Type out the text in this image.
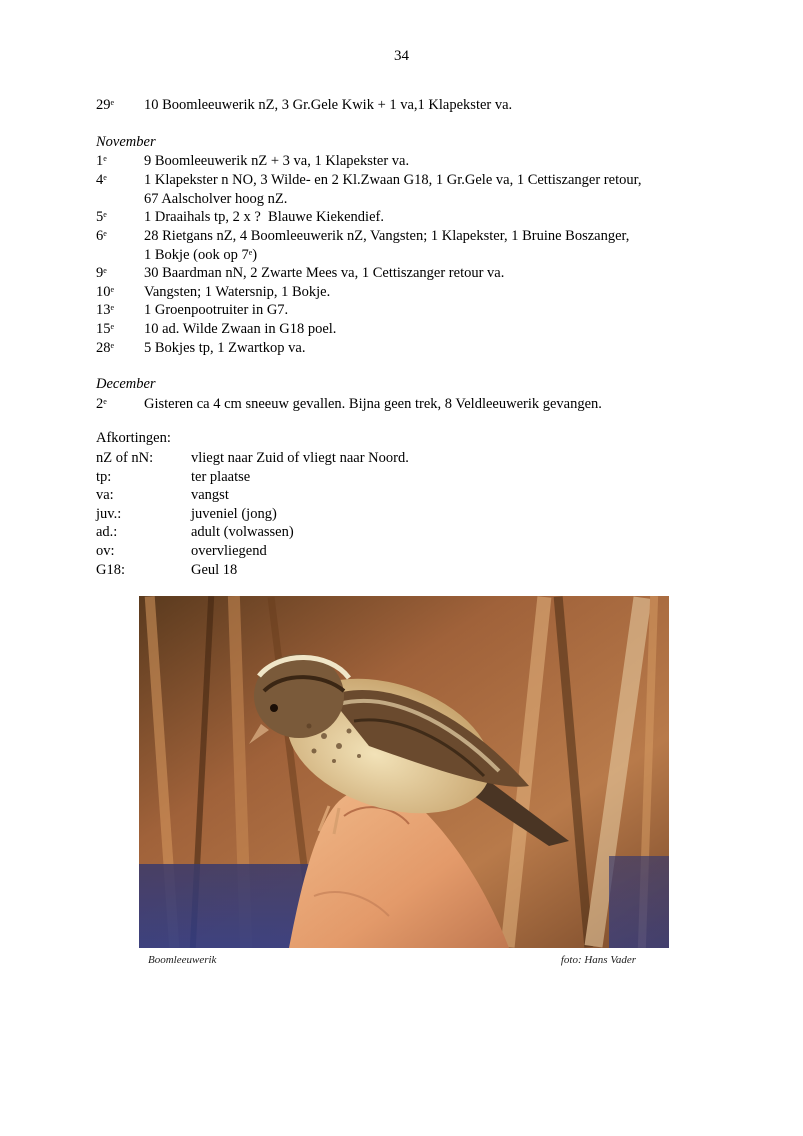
34
29e	10 Boomleeuwerik nZ, 3 Gr.Gele Kwik + 1 va,1 Klapekster va.
November
1e	9 Boomleeuwerik nZ + 3 va, 1 Klapekster va.
4e	1 Klapekster n NO, 3 Wilde- en 2 Kl.Zwaan G18, 1 Gr.Gele va, 1 Cettiszanger retour,
67 Aalscholver hoog nZ.
5e	1 Draaihals tp, 2 x ?  Blauwe Kiekendief.
6e	28 Rietgans nZ, 4 Boomleeuwerik nZ, Vangsten; 1 Klapekster, 1 Bruine Boszanger,
1 Bokje (ook op 7e)
9e	30 Baardman nN, 2 Zwarte Mees va, 1 Cettiszanger retour va.
10e	Vangsten; 1 Watersnip, 1 Bokje.
13e	1 Groenpootruiter in G7.
15e	10 ad. Wilde Zwaan in G18 poel.
28e	5 Bokjes tp, 1 Zwartkop va.
December
2e	Gisteren ca 4 cm sneeuw gevallen. Bijna geen trek, 8 Veldleeuwerik gevangen.
Afkortingen:
nZ of nN:	vliegt naar Zuid of vliegt naar Noord.
tp:	ter plaatse
va:	vangst
juv.:	juveniel (jong)
ad.:	adult (volwassen)
ov:	overvliegend
G18:	Geul 18
Boomleeuwerik	foto: Hans Vader
